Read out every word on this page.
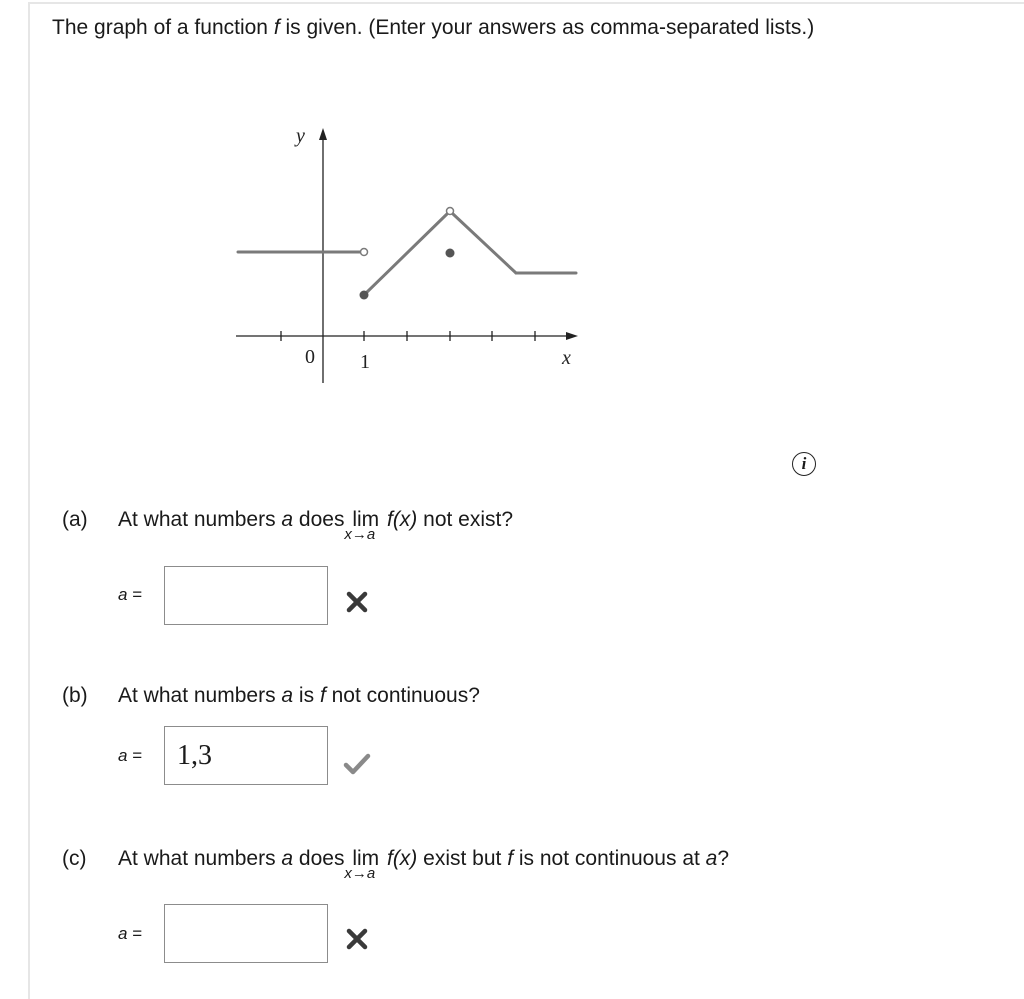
The graph of a function f is given. (Enter your answers as comma-separated lists.)
y
x
0 1
i
(a) At what numbers a does lim
x→a
f(x) not exist?
a =
(b) At what numbers a is f not continuous?
a =
1,3
(c) At what numbers a does lim
x→a
f(x) exist but f is not continuous at a?
a =
